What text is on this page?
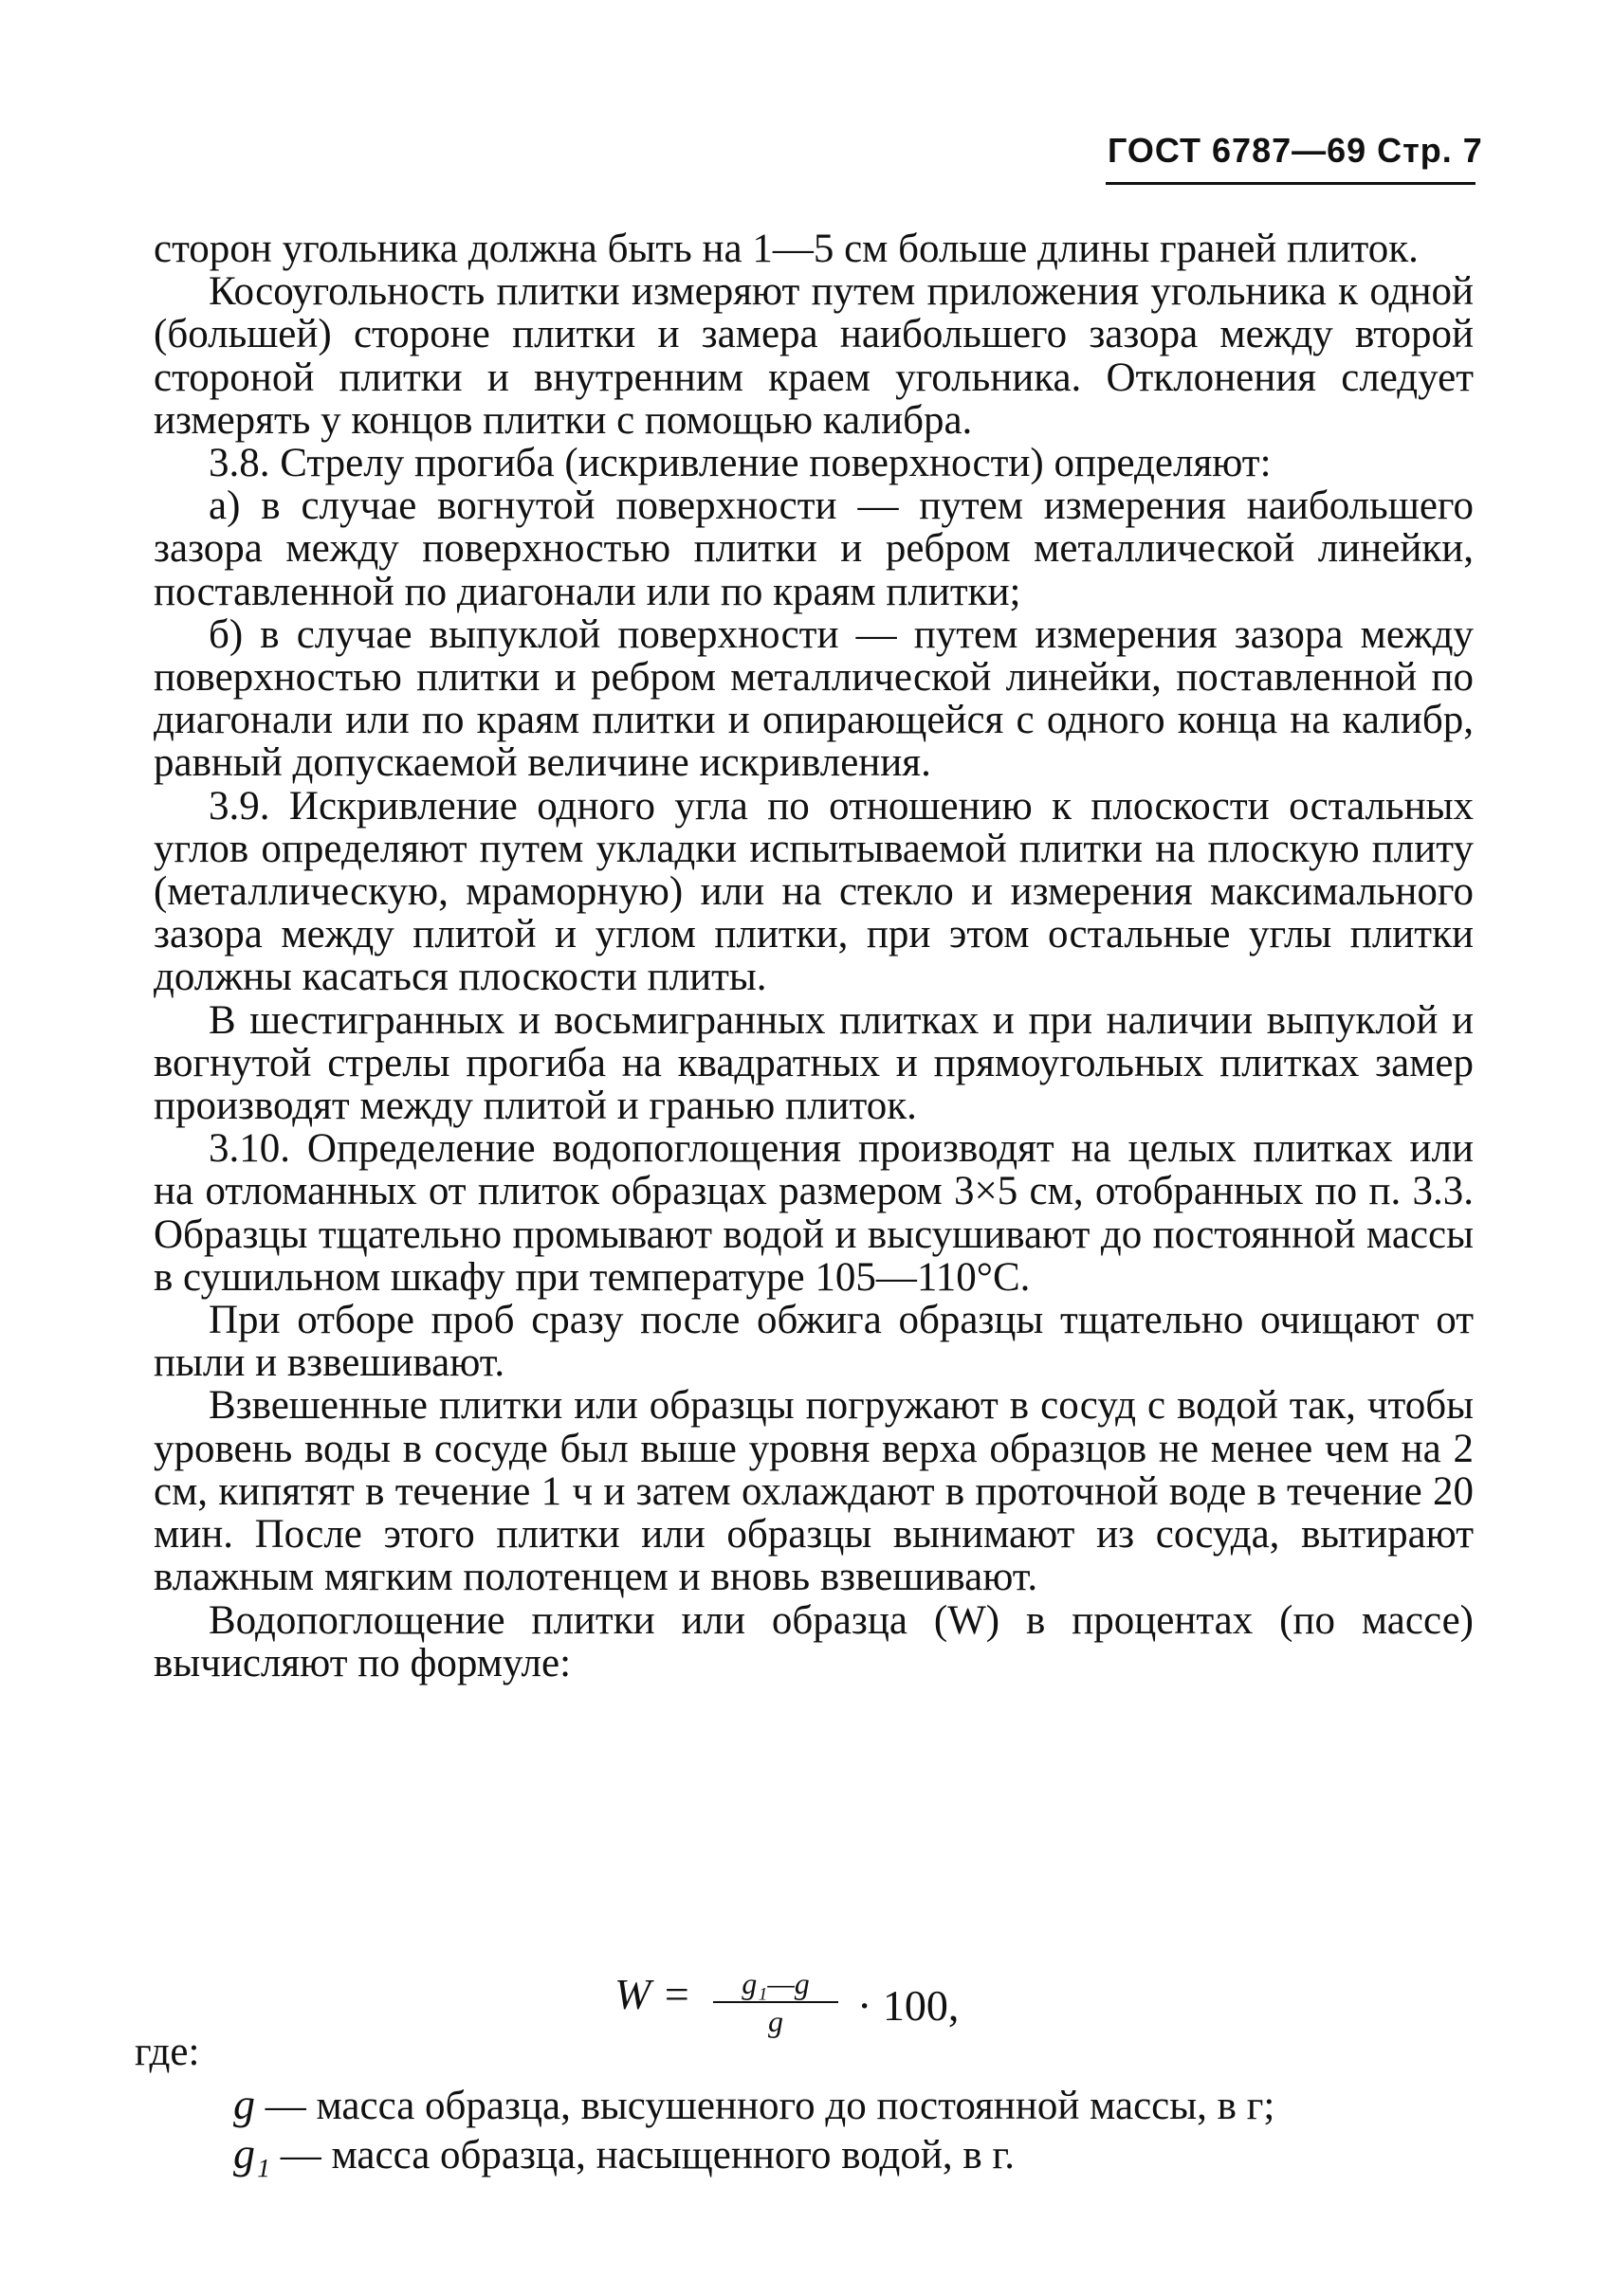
ГОСТ 6787—69 Стр. 7

сторон угольника должна быть на 1—5 см больше длины граней плиток.

Косоугольность плитки измеряют путем приложения угольника к одной (большей) стороне плитки и замера наибольшего зазора между второй стороной плитки и внутренним краем угольника. Отклонения следует измерять у концов плитки с помощью калибра.

3.8. Стрелу прогиба (искривление поверхности) определяют:

а) в случае вогнутой поверхности — путем измерения наибольшего зазора между поверхностью плитки и ребром металлической линейки, поставленной по диагонали или по краям плитки;

б) в случае выпуклой поверхности — путем измерения зазора между поверхностью плитки и ребром металлической линейки, поставленной по диагонали или по краям плитки и опирающейся с одного конца на калибр, равный допускаемой величине искривления.

3.9. Искривление одного угла по отношению к плоскости остальных углов определяют путем укладки испытываемой плитки на плоскую плиту (металлическую, мраморную) или на стекло и измерения максимального зазора между плитой и углом плитки, при этом остальные углы плитки должны касаться плоскости плиты.

В шестигранных и восьмигранных плитках и при наличии выпуклой и вогнутой стрелы прогиба на квадратных и прямоугольных плитках замер производят между плитой и гранью плиток.

3.10. Определение водопоглощения производят на целых плитках или на отломанных от плиток образцах размером 3×5 см, отобранных по п. 3.3. Образцы тщательно промывают водой и высушивают до постоянной массы в сушильном шкафу при температуре 105—110°С.

При отборе проб сразу после обжига образцы тщательно очищают от пыли и взвешивают.

Взвешенные плитки или образцы погружают в сосуд с водой так, чтобы уровень воды в сосуде был выше уровня верха образцов не менее чем на 2 см, кипятят в течение 1 ч и затем охлаждают в проточной воде в течение 20 мин. После этого плитки или образцы вынимают из сосуда, вытирают влажным мягким полотенцем и вновь взвешивают.

Водопоглощение плитки или образца (W) в процентах (по массе) вычисляют по формуле:

W =	g₁—g
g	· 100,
где:
g — масса образца, высушенного до постоянной массы, в г;
g₁ — масса образца, насыщенного водой, в г.
